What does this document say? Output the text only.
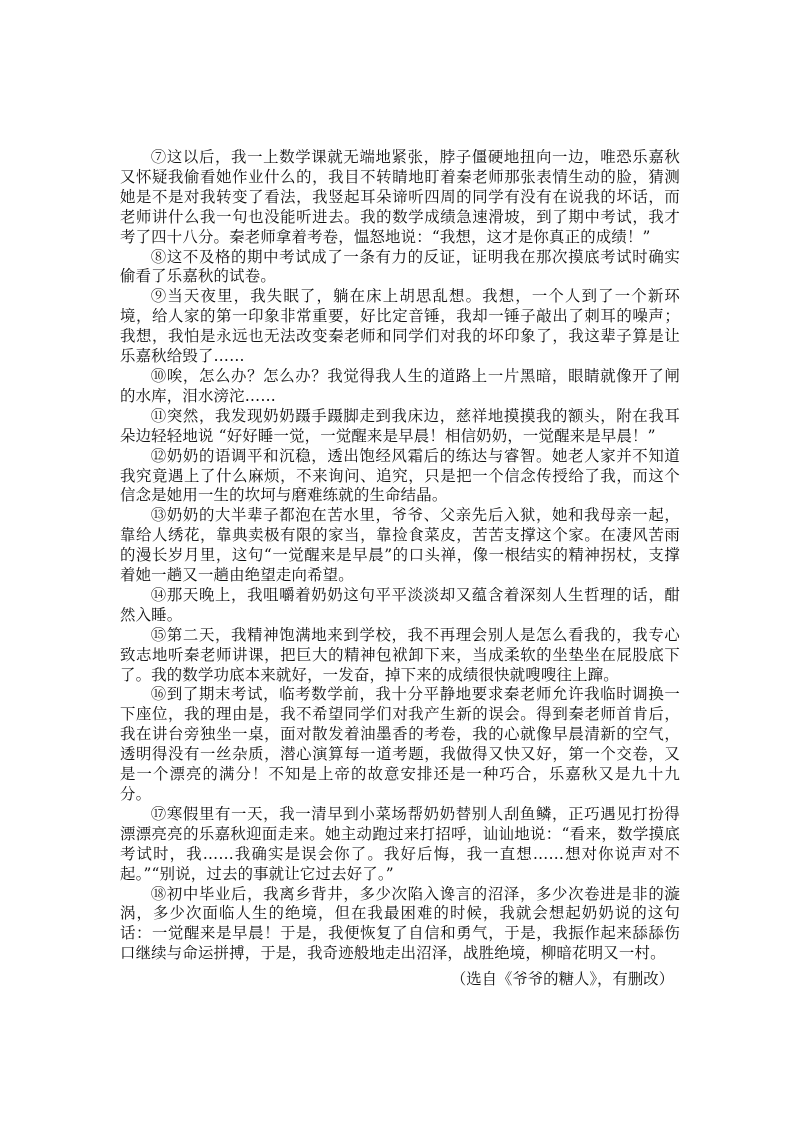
⑦这以后，我一上数学课就无端地紧张，脖子僵硬地扭向一边，唯恐乐嘉秋又怀疑我偷看她作业什么的，我目不转睛地盯着秦老师那张表情生动的脸，猜测她是不是对我转变了看法，我竖起耳朵谛听四周的同学有没有在说我的坏话，而老师讲什么我一句也没能听进去。我的数学成绩急速滑坡，到了期中考试，我才考了四十八分。秦老师拿着考卷，愠怒地说：“我想，这才是你真正的成绩！”

⑧这不及格的期中考试成了一条有力的反证，证明我在那次摸底考试时确实偷看了乐嘉秋的试卷。

⑨当天夜里，我失眠了，躺在床上胡思乱想。我想，一个人到了一个新环境，给人家的第一印象非常重要，好比定音锤，我却一锤子敲出了刺耳的噪声；我想，我怕是永远也无法改变秦老师和同学们对我的坏印象了，我这辈子算是让乐嘉秋给毁了……

⑩唉，怎么办？怎么办？我觉得我人生的道路上一片黑暗，眼睛就像开了闸的水库，泪水滂沱……

⑪突然，我发现奶奶蹑手蹑脚走到我床边，慈祥地摸摸我的额头，附在我耳朵边轻轻地说 “好好睡一觉，一觉醒来是早晨！相信奶奶，一觉醒来是早晨！”

⑫奶奶的语调平和沉稳，透出饱经风霜后的练达与睿智。她老人家并不知道我究竟遇上了什么麻烦，不来询问、追究，只是把一个信念传授给了我，而这个信念是她用一生的坎坷与磨难练就的生命结晶。

⑬奶奶的大半辈子都泡在苦水里，爷爷、父亲先后入狱，她和我母亲一起，靠给人绣花，靠典卖极有限的家当，靠捡食菜皮，苦苦支撑这个家。在凄风苦雨的漫长岁月里，这句“一觉醒来是早晨”的口头禅，像一根结实的精神拐杖，支撑着她一趟又一趟由绝望走向希望。

⑭那天晚上，我咀嚼着奶奶这句平平淡淡却又蕴含着深刻人生哲理的话，酣然入睡。

⑮第二天，我精神饱满地来到学校，我不再理会别人是怎么看我的，我专心致志地听秦老师讲课，把巨大的精神包袱卸下来，当成柔软的坐垫坐在屁股底下了。我的数学功底本来就好，一发奋，掉下来的成绩很快就嗖嗖往上蹿。

⑯到了期末考试，临考数学前，我十分平静地要求秦老师允许我临时调换一下座位，我的理由是，我不希望同学们对我产生新的误会。得到秦老师首肯后，我在讲台旁独坐一桌，面对散发着油墨香的考卷，我的心就像早晨清新的空气，透明得没有一丝杂质，潜心演算每一道考题，我做得又快又好，第一个交卷，又是一个漂亮的满分！不知是上帝的故意安排还是一种巧合，乐嘉秋又是九十九分。

⑰寒假里有一天，我一清早到小菜场帮奶奶替别人刮鱼鳞，正巧遇见打扮得漂漂亮亮的乐嘉秋迎面走来。她主动跑过来打招呼，讪讪地说：“看来，数学摸底考试时，我……我确实是误会你了。我好后悔，我一直想……想对你说声对不起。”“别说，过去的事就让它过去好了。”

⑱初中毕业后，我离乡背井，多少次陷入谗言的沼泽，多少次卷进是非的漩涡，多少次面临人生的绝境，但在我最困难的时候，我就会想起奶奶说的这句话：一觉醒来是早晨！于是，我便恢复了自信和勇气，于是，我振作起来舔舔伤口继续与命运拼搏，于是，我奇迹般地走出沼泽，战胜绝境，柳暗花明又一村。

（选自《爷爷的糖人》，有删改）
